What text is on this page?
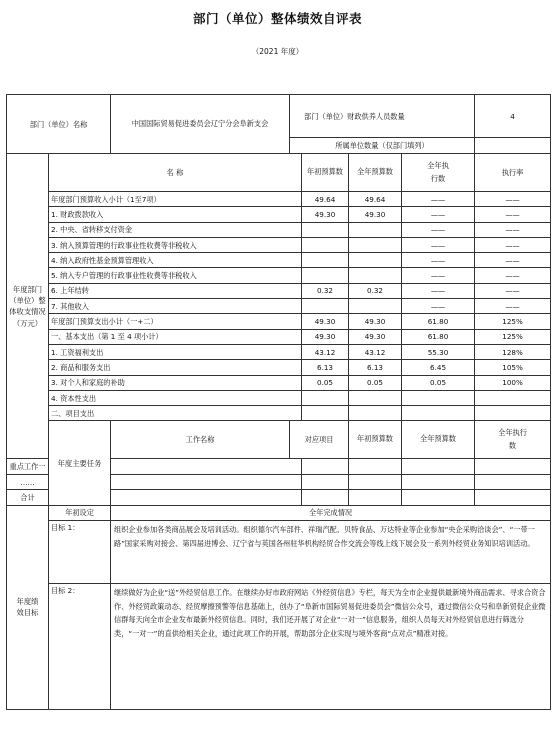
部门（单位）整体绩效自评表
（2021 年度）
部门（单位）名称		中国国际贸易促进委员会辽宁分会阜新支会	部门（单位）财政供养人员数量				4	
			所属单位数量（仅部门填列）					
年度部门（单位）整体收支情况（万元）	名 称			年初预算数	全年预算数	全年执行数	执行率	
	年度部门预算收入小计（1至7项）			49.64	49.64	——	——	
	1. 财政拨款收入			49.30	49.30	——	——	
	2. 中央、省转移支付资金					——	——	
	3. 纳入预算管理的行政事业性收费等非税收入					——	——	
	4. 纳入政府性基金预算管理收入					——	——	
	5. 纳入专户管理的行政事业性收费等非税收入					——	——	
	6. 上年结转			0.32	0.32	——	——	
	7. 其他收入					——	——	
	年度部门预算支出小计（一+二）			49.30	49.30	61.80	125%	
	一、基本支出（第 1 至 4 项小计）			49.30	49.30	61.80	125%	
	1. 工资福利支出			43.12	43.12	55.30	128%	
	2. 商品和服务支出			6.13	6.13	6.45	105%	
	3. 对个人和家庭的补助			0.05	0.05	0.05	100%	
	4. 资本性支出							
	二、项目支出							
	年度主要任务	工作名称	对应项目		年初预算数	全年预算数	全年执行数	
重点工作一								
……								
合计								
年度绩效目标	年初设定	全年完成情况						
	目标 1：	组织企业参加各类商品展会及培训活动。组织德尔汽车部件、祥瑞汽配、贝特食品、万达特业等企业参加“央企采购洽谈会”、“一带一路”国家采购对接会、第四届进博会、辽宁省与英国各州驻华机构经贸合作交流会等线上线下展会及一系列外经贸业务知识培训活动。						
	目标 2：	继续做好为企业“送”外经贸信息工作。在继续办好市政府网站《外经贸信息》专栏，每天为全市企业提供最新境外商品需求、寻求合资合作、外经贸政策动态、经贸摩擦预警等信息基础上，创办了“阜新市国际贸易促进委员会”微信公众号，通过微信公众号和阜新贸促企业微信群每天向全市企业发布最新外经贸信息。同时，我们还开展了对企业“一对一”信息服务，组织人员每天对外经贸信息进行筛选分类，“一对一”的直供给相关企业，通过此项工作的开展，帮助部分企业实现与境外客商“点对点”精准对接。						
